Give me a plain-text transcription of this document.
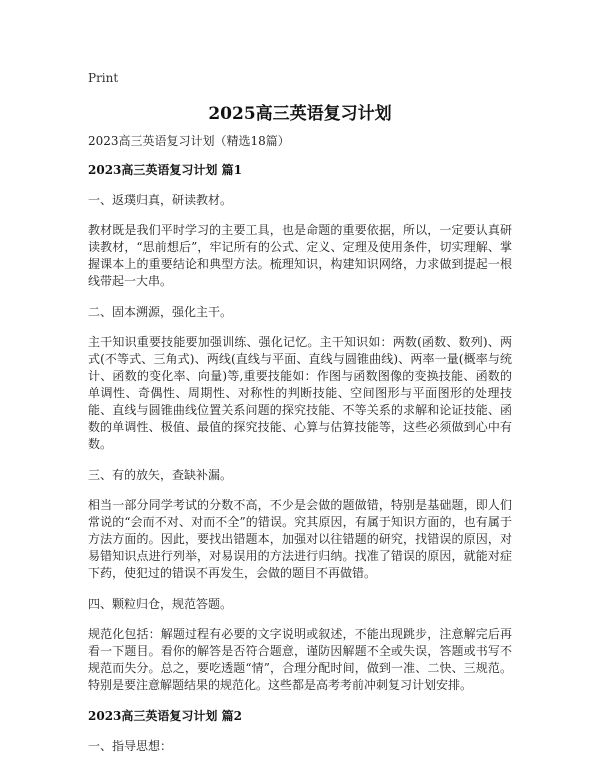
Print
2025高三英语复习计划

2023高三英语复习计划（精选18篇）

2023高三英语复习计划 篇1

一、返璞归真，研读教材。

教材既是我们平时学习的主要工具，也是命题的重要依据，所以，一定要认真研读教材，“思前想后”，牢记所有的公式、定义、定理及使用条件，切实理解、掌握课本上的重要结论和典型方法。梳理知识，构建知识网络，力求做到提起一根线带起一大串。

二、固本溯源，强化主干。

主干知识重要技能要加强训练、强化记忆。主干知识如：两数(函数、数列)、两式(不等式、三角式)、两线(直线与平面、直线与圆锥曲线)、两率一量(概率与统计、函数的变化率、向量)等,重要技能如：作图与函数图像的变换技能、函数的单调性、奇偶性、周期性、对称性的判断技能、空间图形与平面图形的处理技能、直线与圆锥曲线位置关系问题的探究技能、不等关系的求解和论证技能、函数的单调性、极值、最值的探究技能、心算与估算技能等，这些必须做到心中有数。

三、有的放矢，查缺补漏。

相当一部分同学考试的分数不高，不少是会做的题做错，特别是基础题，即人们常说的“会而不对、对而不全”的错误。究其原因，有属于知识方面的，也有属于方法方面的。因此，要找出错题本，加强对以往错题的研究，找错误的原因，对易错知识点进行列举，对易误用的方法进行归纳。找准了错误的原因，就能对症下药，使犯过的错误不再发生，会做的题目不再做错。

四、颗粒归仓，规范答题。

规范化包括：解题过程有必要的文字说明或叙述，不能出现跳步，注意解完后再看一下题目。看你的解答是否符合题意，谨防因解题不全或失误，答题或书写不规范而失分。总之，要吃透题“情”，合理分配时间，做到一准、二快、三规范。特别是要注意解题结果的规范化。这些都是高考考前冲刺复习计划安排。

2023高三英语复习计划 篇2

一、指导思想：
